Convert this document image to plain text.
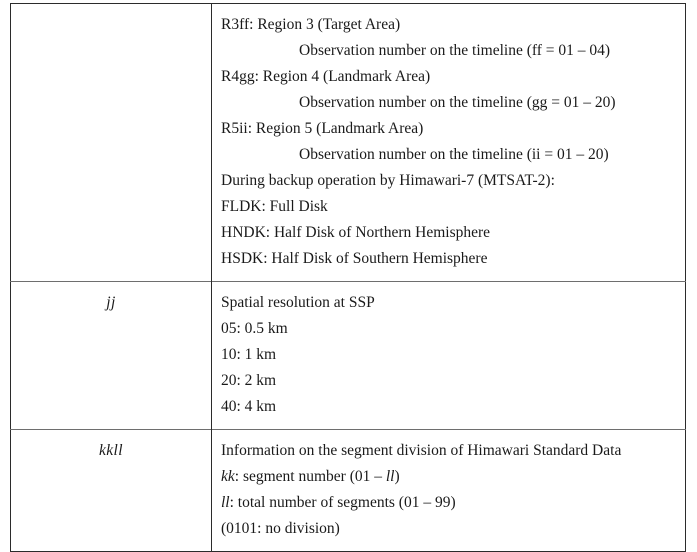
R3ff: Region 3 (Target Area)
Observation number on the timeline (ff = 01 – 04)
R4gg: Region 4 (Landmark Area)
Observation number on the timeline (gg = 01 – 20)
R5ii: Region 5 (Landmark Area)
Observation number on the timeline (ii = 01 – 20)
During backup operation by Himawari-7 (MTSAT-2):
FLDK: Full Disk
HNDK: Half Disk of Northern Hemisphere
HSDK: Half Disk of Southern Hemisphere

jj	Spatial resolution at SSP
05: 0.5 km
10: 1 km
20: 2 km
40: 4 km

kkll	Information on the segment division of Himawari Standard Data
kk: segment number (01 – ll)
ll: total number of segments (01 – 99)
(0101: no division)
